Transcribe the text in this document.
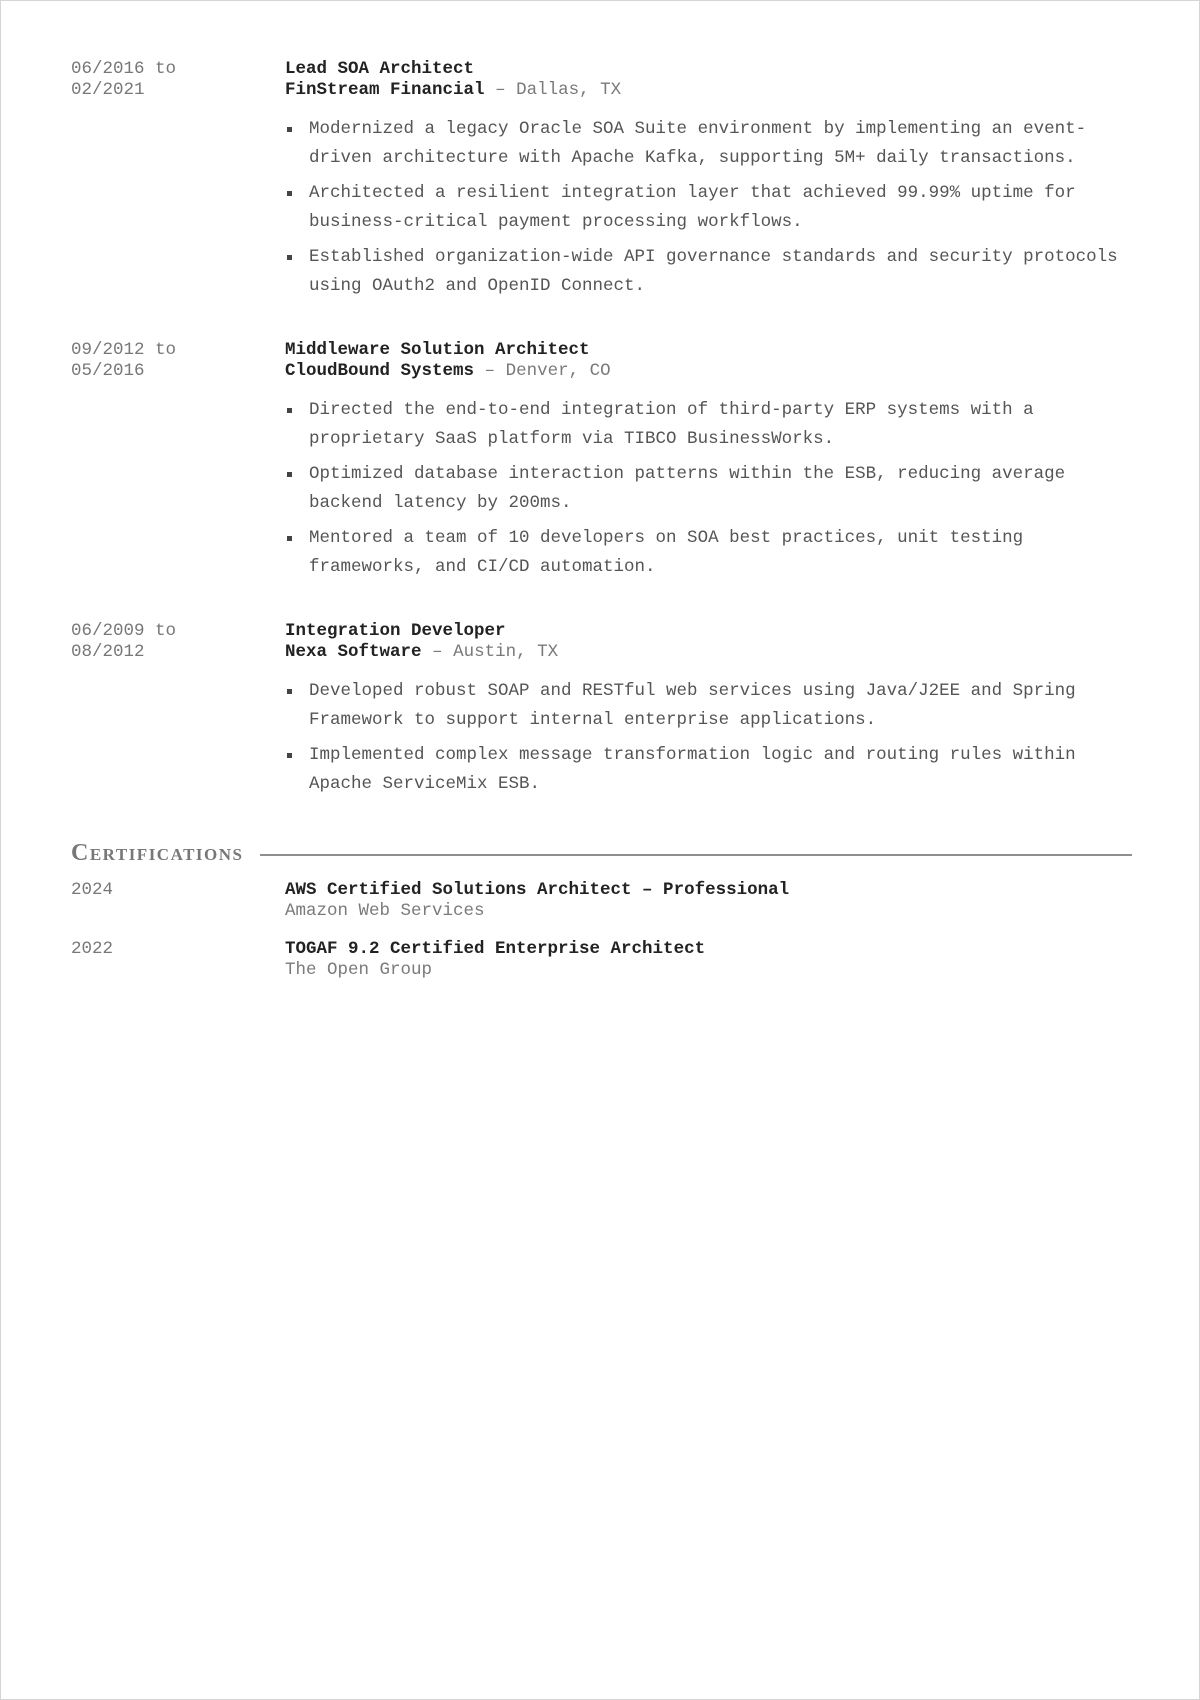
06/2016 to
02/2021
Lead SOA Architect
FinStream Financial – Dallas, TX
Modernized a legacy Oracle SOA Suite environment by implementing an event-driven architecture with Apache Kafka, supporting 5M+ daily transactions.
Architected a resilient integration layer that achieved 99.99% uptime for business-critical payment processing workflows.
Established organization-wide API governance standards and security protocols using OAuth2 and OpenID Connect.
09/2012 to
05/2016
Middleware Solution Architect
CloudBound Systems – Denver, CO
Directed the end-to-end integration of third-party ERP systems with a proprietary SaaS platform via TIBCO BusinessWorks.
Optimized database interaction patterns within the ESB, reducing average backend latency by 200ms.
Mentored a team of 10 developers on SOA best practices, unit testing frameworks, and CI/CD automation.
06/2009 to
08/2012
Integration Developer
Nexa Software – Austin, TX
Developed robust SOAP and RESTful web services using Java/J2EE and Spring Framework to support internal enterprise applications.
Implemented complex message transformation logic and routing rules within Apache ServiceMix ESB.
Certifications
2024	AWS Certified Solutions Architect – Professional
Amazon Web Services
2022	TOGAF 9.2 Certified Enterprise Architect
The Open Group
